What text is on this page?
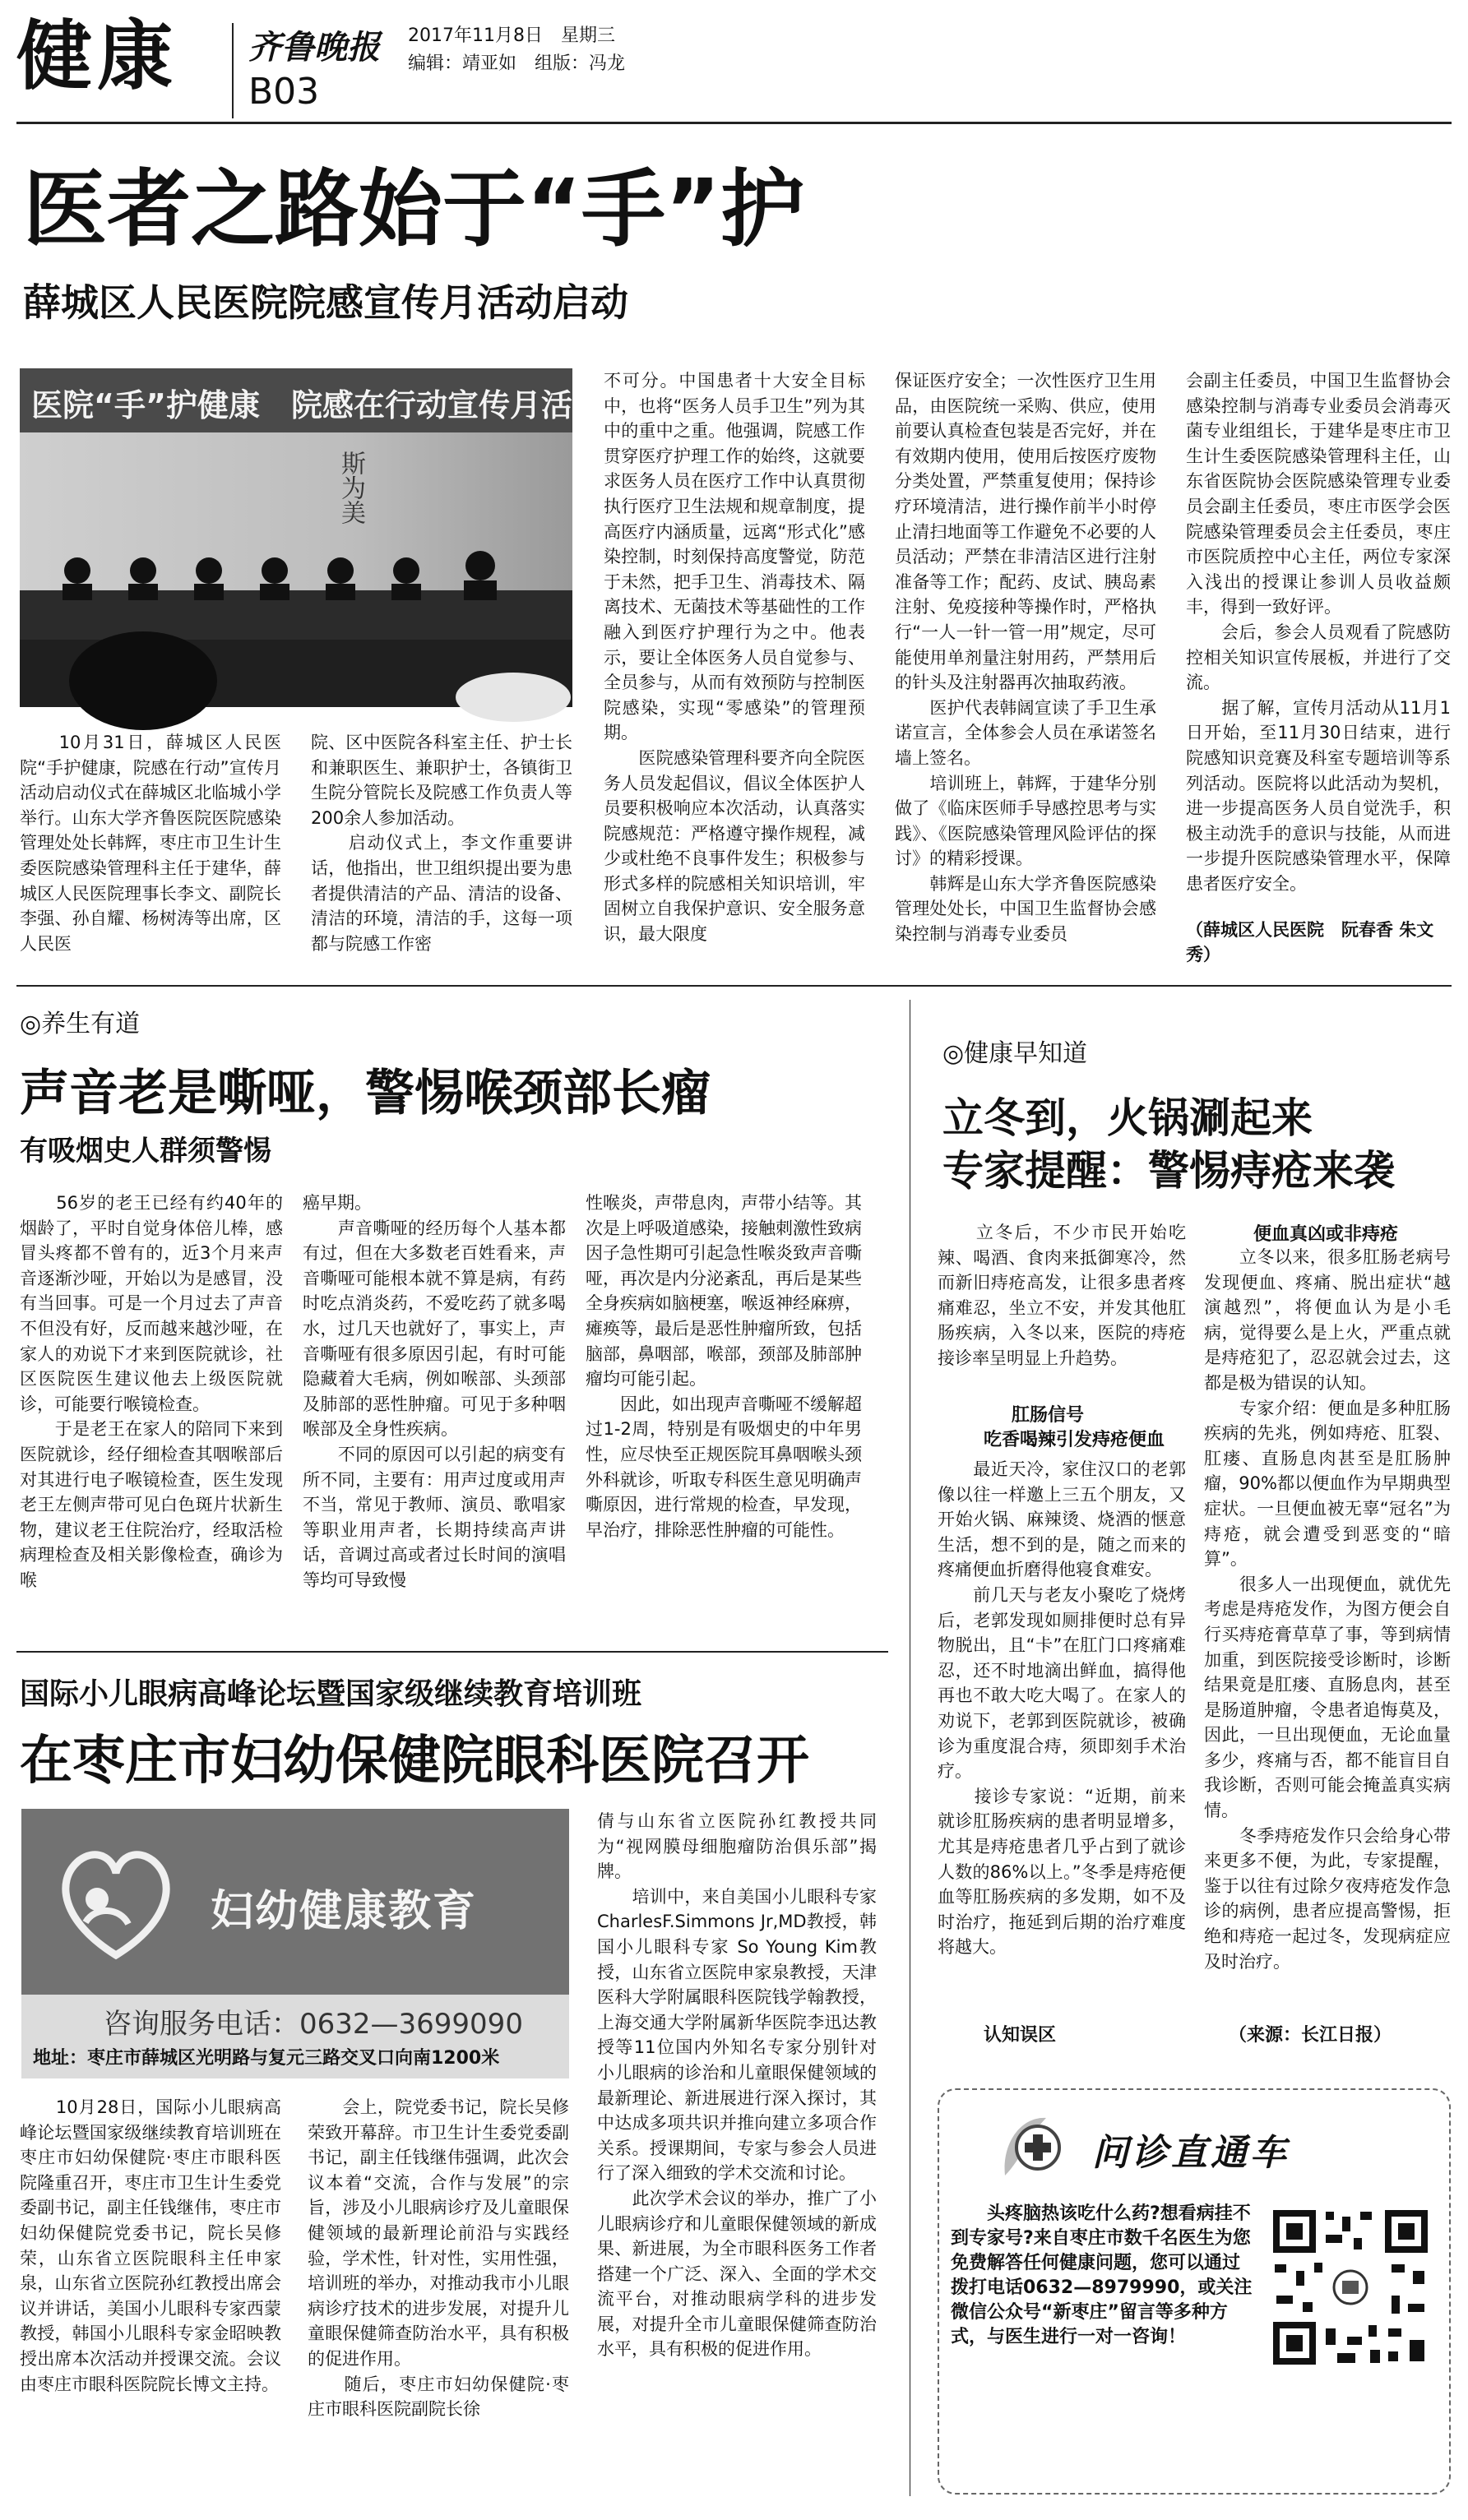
健康 齐鲁晚报
B03
2017年11月8日　星期三
编辑：靖亚如　组版：冯龙
医者之路始于“手”护
薛城区人民医院院感宣传月活动启动
医院“手”护健康　院感在行动宣传月活
斯为美
　　10月31日，薛城区人民医院“手护健康，院感在行动”宣传月活动启动仪式在薛城区北临城小学举行。山东大学齐鲁医院医院感染管理处处长韩辉，枣庄市卫生计生委医院感染管理科主任于建华，薛城区人民医院理事长李文、副院长李强、孙自耀、杨树涛等出席，区人民医
院、区中医院各科室主任、护士长和兼职医生、兼职护士，各镇街卫生院分管院长及院感工作负责人等200余人参加活动。
　　启动仪式上，李文作重要讲话，他指出，世卫组织提出要为患者提供清洁的产品、清洁的设备、清洁的环境，清洁的手，这每一项都与院感工作密
不可分。中国患者十大安全目标中，也将“医务人员手卫生”列为其中的重中之重。他强调，院感工作贯穿医疗护理工作的始终，这就要求医务人员在医疗工作中认真贯彻执行医疗卫生法规和规章制度，提高医疗内涵质量，远离“形式化”感染控制，时刻保持高度警觉，防范于未然，把手卫生、消毒技术、隔离技术、无菌技术等基础性的工作融入到医疗护理行为之中。他表示，要让全体医务人员自觉参与、全员参与，从而有效预防与控制医院感染，实现“零感染”的管理预期。
　　医院感染管理科要齐向全院医务人员发起倡议，倡议全体医护人员要积极响应本次活动，认真落实院感规范：严格遵守操作规程，减少或杜绝不良事件发生；积极参与形式多样的院感相关知识培训，牢固树立自我保护意识、安全服务意识，最大限度
保证医疗安全；一次性医疗卫生用品，由医院统一采购、供应，使用前要认真检查包装是否完好，并在有效期内使用，使用后按医疗废物分类处置，严禁重复使用；保持诊疗环境清洁，进行操作前半小时停止清扫地面等工作避免不必要的人员活动；严禁在非清洁区进行注射准备等工作；配药、皮试、胰岛素注射、免疫接种等操作时，严格执行“一人一针一管一用”规定，尽可能使用单剂量注射用药，严禁用后的针头及注射器再次抽取药液。
　　医护代表韩阔宣读了手卫生承诺宣言，全体参会人员在承诺签名墙上签名。
　　培训班上，韩辉，于建华分别做了《临床医师手导感控思考与实践》、《医院感染管理风险评估的探讨》的精彩授课。
　　韩辉是山东大学齐鲁医院感染管理处处长，中国卫生监督协会感染控制与消毒专业委员
会副主任委员，中国卫生监督协会感染控制与消毒专业委员会消毒灭菌专业组组长，于建华是枣庄市卫生计生委医院感染管理科主任，山东省医院协会医院感染管理专业委员会副主任委员，枣庄市医学会医院感染管理委员会主任委员，枣庄市医院质控中心主任，两位专家深入浅出的授课让参训人员收益颇丰，得到一致好评。
　　会后，参会人员观看了院感防控相关知识宣传展板，并进行了交流。
　　据了解，宣传月活动从11月1日开始，至11月30日结束，进行院感知识竞赛及科室专题培训等系列活动。医院将以此活动为契机，进一步提高医务人员自觉洗手，积极主动洗手的意识与技能，从而进一步提升医院感染管理水平，保障患者医疗安全。
（薛城区人民医院　阮春香 朱文秀）
◎养生有道
声音老是嘶哑，警惕喉颈部长瘤
有吸烟史人群须警惕
　　56岁的老王已经有约40年的烟龄了，平时自觉身体倍儿棒，感冒头疼都不曾有的，近3个月来声音逐渐沙哑，开始以为是感冒，没有当回事。可是一个月过去了声音不但没有好，反而越来越沙哑，在家人的劝说下才来到医院就诊，社区医院医生建议他去上级医院就诊，可能要行喉镜检查。
　　于是老王在家人的陪同下来到医院就诊，经仔细检查其咽喉部后对其进行电子喉镜检查，医生发现老王左侧声带可见白色斑片状新生物，建议老王住院治疗，经取活检病理检查及相关影像检查，确诊为喉
癌早期。
　　声音嘶哑的经历每个人基本都有过，但在大多数老百姓看来，声音嘶哑可能根本就不算是病，有药时吃点消炎药，不爱吃药了就多喝水，过几天也就好了，事实上，声音嘶哑有很多原因引起，有时可能隐藏着大毛病，例如喉部、头颈部及肺部的恶性肿瘤。可见于多种咽喉部及全身性疾病。
　　不同的原因可以引起的病变有所不同，主要有：用声过度或用声不当，常见于教师、演员、歌唱家等职业用声者，长期持续高声讲话，音调过高或者过长时间的演唱等均可导致慢
性喉炎，声带息肉，声带小结等。其次是上呼吸道感染，接触刺激性致病因子急性期可引起急性喉炎致声音嘶哑，再次是内分泌紊乱，再后是某些全身疾病如脑梗塞，喉返神经麻痹，瘫痪等，最后是恶性肿瘤所致，包括脑部，鼻咽部，喉部，颈部及肺部肿瘤均可能引起。
　　因此，如出现声音嘶哑不缓解超过1-2周，特别是有吸烟史的中年男性，应尽快至正规医院耳鼻咽喉头颈外科就诊，听取专科医生意见明确声嘶原因，进行常规的检查，早发现，早治疗，排除恶性肿瘤的可能性。
◎健康早知道
立冬到，火锅涮起来
专家提醒：警惕痔疮来袭
　　立冬后，不少市民开始吃辣、喝酒、食肉来抵御寒冷，然而新旧痔疮高发，让很多患者疼痛难忍，坐立不安，并发其他肛肠疾病，入冬以来，医院的痔疮接诊率呈明显上升趋势。
肛肠信号
吃香喝辣引发痔疮便血
　　最近天冷，家住汉口的老郭像以往一样邀上三五个朋友，又开始火锅、麻辣烫、烧酒的惬意生活，想不到的是，随之而来的疼痛便血折磨得他寝食难安。
　　前几天与老友小聚吃了烧烤后，老郭发现如厕排便时总有异物脱出，且“卡”在肛门口疼痛难忍，还不时地滴出鲜血，搞得他再也不敢大吃大喝了。在家人的劝说下，老郭到医院就诊，被确诊为重度混合痔，须即刻手术治疗。
　　接诊专家说：“近期，前来就诊肛肠疾病的患者明显增多，尤其是痔疮患者几乎占到了就诊人数的86%以上。”冬季是痔疮便血等肛肠疾病的多发期，如不及时治疗，拖延到后期的治疗难度将越大。
认知误区
便血真凶或非痔疮
　　立冬以来，很多肛肠老病号发现便血、疼痛、脱出症状“越演越烈”，将便血认为是小毛病，觉得要么是上火，严重点就是痔疮犯了，忍忍就会过去，这都是极为错误的认知。
　　专家介绍：便血是多种肛肠疾病的先兆，例如痔疮、肛裂、肛瘘、直肠息肉甚至是肛肠肿瘤，90%都以便血作为早期典型症状。一旦便血被无辜“冠名”为痔疮，就会遭受到恶变的“暗算”。
　　很多人一出现便血，就优先考虑是痔疮发作，为图方便会自行买痔疮膏草草了事，等到病情加重，到医院接受诊断时，诊断结果竟是肛瘘、直肠息肉，甚至是肠道肿瘤，令患者追悔莫及，因此，一旦出现便血，无论血量多少，疼痛与否，都不能盲目自我诊断，否则可能会掩盖真实病情。
　　冬季痔疮发作只会给身心带来更多不便，为此，专家提醒，鉴于以往有过除夕夜痔疮发作急诊的病例，患者应提高警惕，拒绝和痔疮一起过冬，发现病症应及时治疗。
（来源：长江日报）
问诊直通车
　　头疼脑热该吃什么药?想看病挂不到专家号?来自枣庄市数千名医生为您免费解答任何健康问题，您可以通过拨打电话0632—8979990，或关注微信公众号“新枣庄”留言等多种方式，与医生进行一对一咨询！
国际小儿眼病高峰论坛暨国家级继续教育培训班
在枣庄市妇幼保健院眼科医院召开
妇幼健康教育
咨询服务电话：0632—3699090
地址：枣庄市薛城区光明路与复元三路交叉口向南1200米
倩与山东省立医院孙红教授共同为“视网膜母细胞瘤防治俱乐部”揭牌。
　　培训中，来自美国小儿眼科专家 CharlesF.Simmons Jr,MD教授，韩国小儿眼科专家 So Young Kim教授，山东省立医院申家泉教授，天津医科大学附属眼科医院钱学翰教授，上海交通大学附属新华医院李迅达教授等11位国内外知名专家分别针对小儿眼病的诊治和儿童眼保健领域的最新理论、新进展进行深入探讨，其中达成多项共识并推向建立多项合作关系。授课期间，专家与参会人员进行了深入细致的学术交流和讨论。
　　此次学术会议的举办，推广了小儿眼病诊疗和儿童眼保健领域的新成果、新进展，为全市眼科医务工作者搭建一个广泛、深入、全面的学术交流平台，对推动眼病学科的进步发展，对提升全市儿童眼保健筛查防治水平，具有积极的促进作用。
　　10月28日，国际小儿眼病高峰论坛暨国家级继续教育培训班在枣庄市妇幼保健院·枣庄市眼科医院隆重召开，枣庄市卫生计生委党委副书记，副主任钱继伟，枣庄市妇幼保健院党委书记，院长吴修荣，山东省立医院眼科主任申家泉，山东省立医院孙红教授出席会议并讲话，美国小儿眼科专家西蒙教授，韩国小儿眼科专家金昭映教授出席本次活动并授课交流。会议由枣庄市眼科医院院长博文主持。
　　会上，院党委书记，院长吴修荣致开幕辞。市卫生计生委党委副书记，副主任钱继伟强调，此次会议本着“交流，合作与发展”的宗旨，涉及小儿眼病诊疗及儿童眼保健领域的最新理论前沿与实践经验，学术性，针对性，实用性强，培训班的举办，对推动我市小儿眼病诊疗技术的进步发展，对提升儿童眼保健筛查防治水平，具有积极的促进作用。
　　随后，枣庄市妇幼保健院·枣庄市眼科医院副院长徐
